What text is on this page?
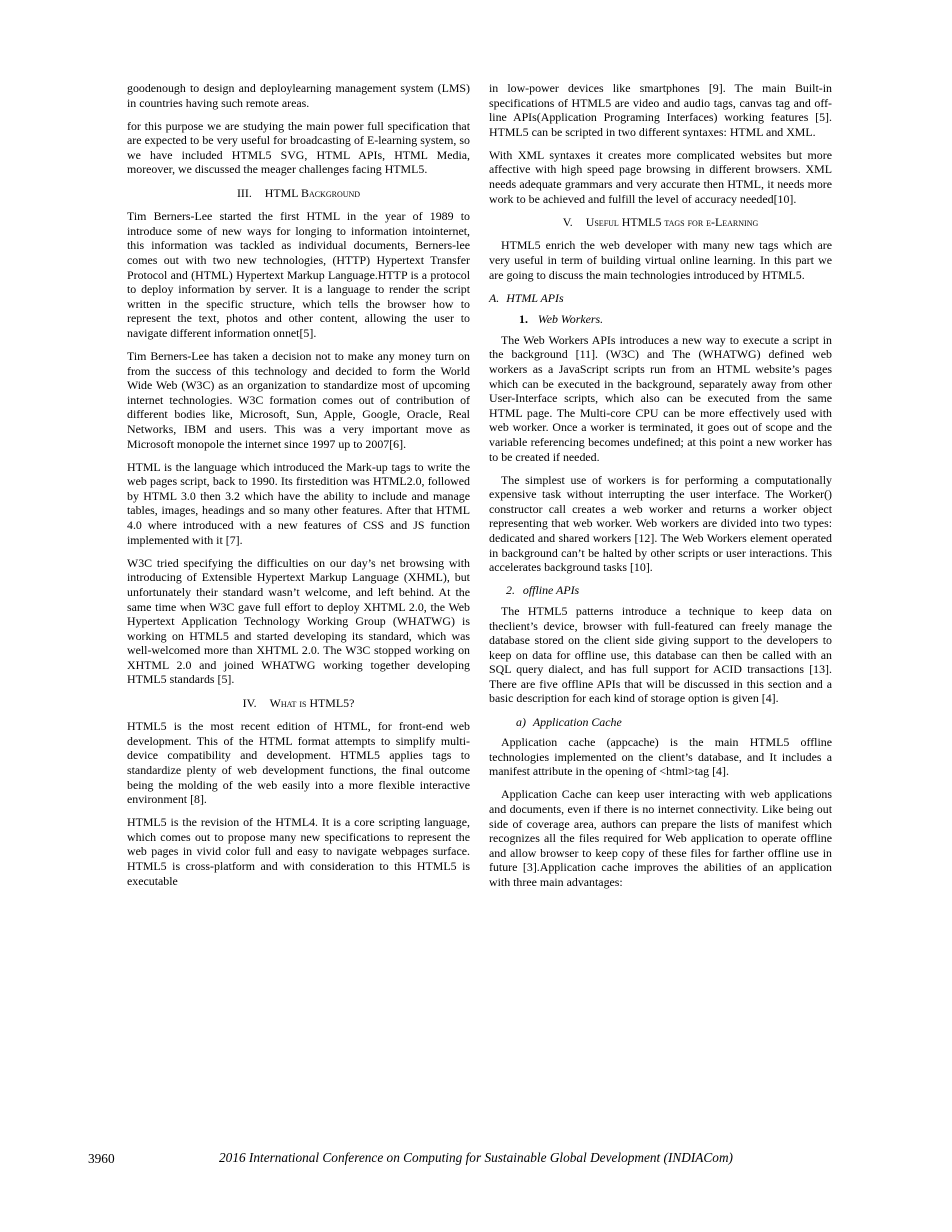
goodenough to design and deploylearning management system (LMS) in countries having such remote areas.

for this purpose we are studying the main power full specification that are expected to be very useful for broadcasting of E-learning system, so we have included HTML5 SVG, HTML APIs, HTML Media, moreover, we discussed the meager challenges facing HTML5.

III. HTML Background

Tim Berners-Lee started the first HTML in the year of 1989 to introduce some of new ways for longing to information intointernet, this information was tackled as individual documents, Berners-lee comes out with two new technologies, (HTTP) Hypertext Transfer Protocol and (HTML) Hypertext Markup Language.HTTP is a protocol to deploy information by server. It is a language to render the script written in the specific structure, which tells the browser how to represent the text, photos and other content, allowing the user to navigate different information onnet[5].

Tim Berners-Lee has taken a decision not to make any money turn on from the success of this technology and decided to form the World Wide Web (W3C) as an organization to standardize most of upcoming internet technologies. W3C formation comes out of contribution of different bodies like, Microsoft, Sun, Apple, Google, Oracle, Real Networks, IBM and users. This was a very important move as Microsoft monopole the internet since 1997 up to 2007[6].

HTML is the language which introduced the Mark-up tags to write the web pages script, back to 1990. Its firstedition was HTML2.0, followed by HTML 3.0 then 3.2 which have the ability to include and manage tables, images, headings and so many other features. After that HTML 4.0 where introduced with a new features of CSS and JS function implemented with it [7].

W3C tried specifying the difficulties on our day’s net browsing with introducing of Extensible Hypertext Markup Language (XHML), but unfortunately their standard wasn’t welcome, and left behind. At the same time when W3C gave full effort to deploy XHTML 2.0, the Web Hypertext Application Technology Working Group (WHATWG) is working on HTML5 and started developing its standard, which was well-welcomed more than XHTML 2.0. The W3C stopped working on XHTML 2.0 and joined WHATWG working together developing HTML5 standards [5].

IV. What is HTML5?

HTML5 is the most recent edition of HTML, for front-end web development. This of the HTML format attempts to simplify multi-device compatibility and development. HTML5 applies tags to standardize plenty of web development functions, the final outcome being the molding of the web easily into a more flexible interactive environment [8].

HTML5 is the revision of the HTML4. It is a core scripting language, which comes out to propose many new specifications to represent the web pages in vivid color full and easy to navigate webpages surface. HTML5 is cross-platform and with consideration to this HTML5 is executable

in low-power devices like smartphones [9]. The main Built-in specifications of HTML5 are video and audio tags, canvas tag and off-line APIs(Application Programing Interfaces) working features [5]. HTML5 can be scripted in two different syntaxes: HTML and XML.

With XML syntaxes it creates more complicated websites but more affective with high speed page browsing in different browsers. XML needs adequate grammars and very accurate then HTML, it needs more work to be achieved and fulfill the level of accuracy needed[10].

V. Useful HTML5 tags for e-Learning

HTML5 enrich the web developer with many new tags which are very useful in term of building virtual online learning. In this part we are going to discuss the main technologies introduced by HTML5.

A. HTML APIs
1. Web Workers.

The Web Workers APIs introduces a new way to execute a script in the background [11]. (W3C) and The (WHATWG) defined web workers as a JavaScript scripts run from an HTML website’s pages which can be executed in the background, separately away from other User-Interface scripts, which also can be executed from the same HTML page. The Multi-core CPU can be more effectively used with web worker. Once a worker is terminated, it goes out of scope and the variable referencing becomes undefined; at this point a new worker has to be created if needed.

The simplest use of workers is for performing a computationally expensive task without interrupting the user interface. The Worker() constructor call creates a web worker and returns a worker object representing that web worker. Web workers are divided into two types: dedicated and shared workers [12]. The Web Workers element operated in background can’t be halted by other scripts or user interactions. This accelerates background tasks [10].

2. offline APIs

The HTML5 patterns introduce a technique to keep data on theclient’s device, browser with full-featured can freely manage the database stored on the client side giving support to the developers to keep on data for offline use, this database can then be called with an SQL query dialect, and has full support for ACID transactions [13]. There are five offline APIs that will be discussed in this section and a basic description for each kind of storage option is given [4].

a) Application Cache

Application cache (appcache) is the main HTML5 offline technologies implemented on the client’s database, and It includes a manifest attribute in the opening of <html>tag [4].

Application Cache can keep user interacting with web applications and documents, even if there is no internet connectivity. Like being out side of coverage area, authors can prepare the lists of manifest which recognizes all the files required for Web application to operate offline and allow browser to keep copy of these files for farther offline use in future [3].Application cache improves the abilities of an application with three main advantages:

3960	2016 International Conference on Computing for Sustainable Global Development (INDIACom)
